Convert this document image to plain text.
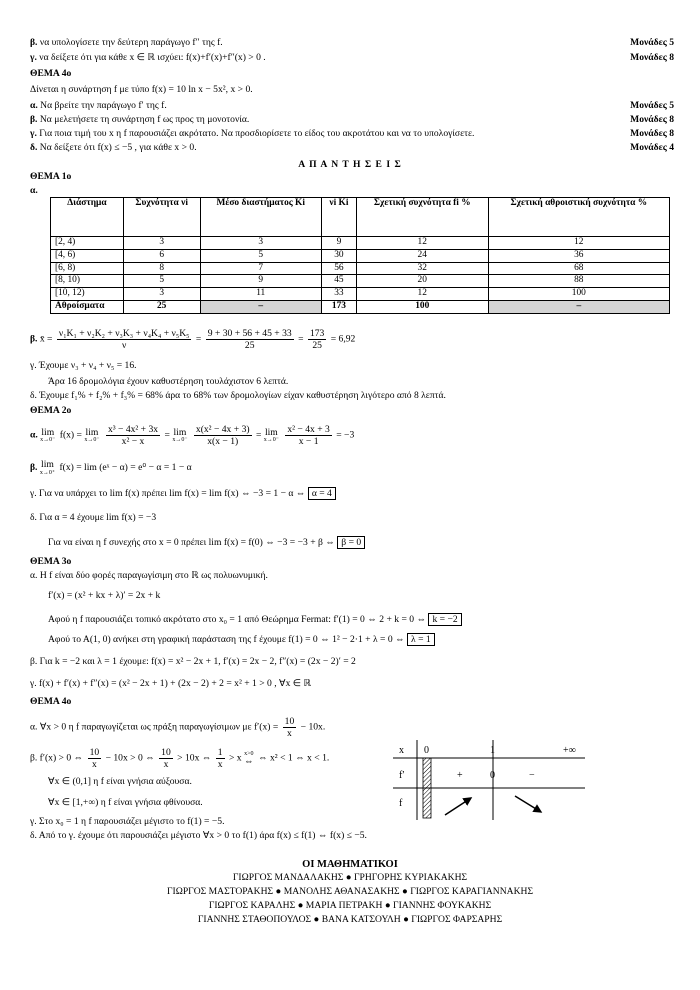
β. να υπολογίσετε την δεύτερη παράγωγο f″ της f.	Μονάδες 5
γ. να δείξετε ότι για κάθε x ∈ ℝ ισχύει: f(x)+f′(x)+f″(x) > 0 .	Μονάδες 8
ΘΕΜΑ 4ο
Δίνεται η συνάρτηση f με τύπο f(x) = 10 ln x − 5x², x > 0.
α. Να βρείτε την παράγωγο f′ της f.	Μονάδες 5
β. Να μελετήσετε τη συνάρτηση f ως προς τη μονοτονία.	Μονάδες 8
γ. Για ποια τιμή του x η f παρουσιάζει ακρότατο. Να προσδιορίσετε το είδος του ακροτάτου και να το υπολογίσετε.	Μονάδες 8
δ. Να δείξετε ότι f(x) ≤ −5 , για κάθε x > 0.	Μονάδες 4
Α Π Α Ν Τ Η Σ Ε Ι Σ
ΘΕΜΑ 1ο
α.
Διάστημα	Συχνότητα νi	Μέσο διαστήματος Ki	νi Ki	Σχετική συχνότητα fi %	Σχετική αθροιστική συχνότητα %
[2, 4)	3	3	9	12	12
[4, 6)	6	5	30	24	36
[6, 8)	8	7	56	32	68
[8, 10)	5	9	45	20	88
[10, 12)	3	11	33	12	100
Αθροίσματα	25	–	173	100	–
β. x̄ = $\frac{\text{ν₁K₁ + ν₂K₂ + ν₃K₃ + ν₄K₄ + ν₅K₅}}{\nu} = \frac{9 + 30 + 56 + 45 + 33}{25} = \frac{173}{25} = 6,92$
γ. Έχουμε ν₃ + ν₄ + ν₅ = 16.
Άρα 16 δρομολόγια έχουν καθυστέρηση τουλάχιστον 6 λεπτά.
δ. Έχουμε f₁% + f₂% + f₃% = 68% άρα το 68% των δρομολογίων είχαν καθυστέρηση λιγότερο από 8 λεπτά.
ΘΕΜΑ 2ο
α. lim
x→0⁻ f(x) = lim
x→0⁻
$\frac{\text{x³ − 4x² + 3x}}{\text{x² − x}} = \lim$
x→0⁻
$\frac{\text{x(x² − 4x + 3)}}{x(x - 1)} = \lim$
x→0⁻
$\frac{\text{x² − 4x + 3}}{x - 1} = -3$
β. lim
x→0⁺ f(x) = lim (eˣ − α) = e⁰ − α = 1 − α
γ. Για να υπάρχει το lim f(x) πρέπει lim f(x) = lim f(x) ⇔ −3 = 1 − α ⇔ α = 4
δ. Για α = 4 έχουμε lim f(x) = −3
Για να είναι η f συνεχής στο x = 0 πρέπει lim f(x) = f(0) ⇔ −3 = −3 + β ⇔ β = 0
ΘΕΜΑ 3ο
α. Η f είναι δύο φορές παραγωγίσιμη στο ℝ ως πολυωνυμική.
f′(x) = (x² + kx + λ)′ = 2x + k
Αφού η f παρουσιάζει τοπικό ακρότατο στο x₀ = 1 από Θεώρημα Fermat: f′(1) = 0 ⇔ 2 + k = 0 ⇔ k = −2
Αφού το Α(1, 0) ανήκει στη γραφική παράσταση της f έχουμε f(1) = 0 ⇔ 1² − 2·1 + λ = 0 ⇔ λ = 1
β. Για k = −2 και λ = 1 έχουμε: f(x) = x² − 2x + 1, f′(x) = 2x − 2, f″(x) = (2x − 2)′ = 2
γ. f(x) + f′(x) + f″(x) = (x² − 2x + 1) + (2x − 2) + 2 = x² + 1 > 0 , ∀x ∈ ℝ
ΘΕΜΑ 4ο
α. ∀x > 0 η f παραγωγίζεται ως πράξη παραγωγίσιμων με $f'(x) = \frac{10}{x} - 10x$.
β. f′(x) > 0 ⇔ $\frac{10}{x} - 10x > 0$ ⇔ $\frac{10}{x} > 10x$ ⇔ $\frac{1}{x} > x$ x>0
⇔ ⇔ x² < 1 ⇔ x < 1.
∀x ∈ (0,1] η f είναι γνήσια αύξουσα.
∀x ∈ [1,+∞) η f είναι γνήσια φθίνουσα.
γ. Στο x₀ = 1 η f παρουσιάζει μέγιστο το f(1) = −5.
δ. Από το γ. έχουμε ότι παρουσιάζει μέγιστο ∀x > 0 το f(1) άρα f(x) ≤ f(1) ⇔ f(x) ≤ −5.
x 0	1	+∞
f′	+	0	−
f
ΟΙ ΜΑΘΗΜΑΤΙΚΟΙ
ΓΙΩΡΓΟΣ ΜΑΝΔΑΛΑΚΗΣ ● ΓΡΗΓΟΡΗΣ ΚΥΡΙΑΚΑΚΗΣ
ΓΙΩΡΓΟΣ ΜΑΣΤΟΡΑΚΗΣ ● ΜΑΝΟΛΗΣ ΑΘΑΝΑΣΑΚΗΣ ● ΓΙΩΡΓΟΣ ΚΑΡΑΓΙΑΝΝΑΚΗΣ
ΓΙΩΡΓΟΣ ΚΑΡΑΛΗΣ ● ΜΑΡΙΑ ΠΕΤΡΑΚΗ ● ΓΙΑΝΝΗΣ ΦΟΥΚΑΚΗΣ
ΓΙΑΝΝΗΣ ΣΤΑΘΟΠΟΥΛΟΣ ● ΒΑΝΑ ΚΑΤΣΟΥΛΗ ● ΓΙΩΡΓΟΣ ΦΑΡΣΑΡΗΣ
